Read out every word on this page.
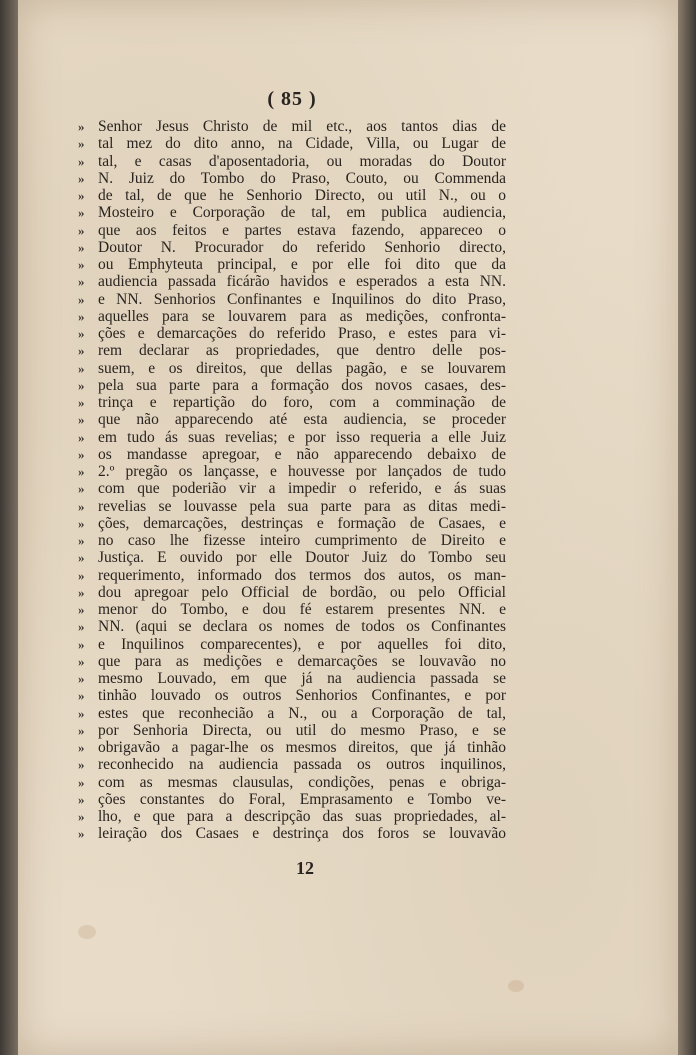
( 85 )
» Senhor Jesus Christo de mil etc., aos tantos dias de
» tal mez do dito anno, na Cidade, Villa, ou Lugar de
» tal, e casas d'aposentadoria, ou moradas do Doutor
» N. Juiz do Tombo do Praso, Couto, ou Commenda
» de tal, de que he Senhorio Directo, ou util N., ou o
» Mosteiro e Corporação de tal, em publica audiencia,
» que aos feitos e partes estava fazendo, appareceo o
» Doutor N. Procurador do referido Senhorio directo,
» ou Emphyteuta principal, e por elle foi dito que da
» audiencia passada ficárão havidos e esperados a esta NN.
» e NN. Senhorios Confinantes e Inquilinos do dito Praso,
» aquelles para se louvarem para as medições, confronta-
» ções e demarcações do referido Praso, e estes para vi-
» rem declarar as propriedades, que dentro delle pos-
» suem, e os direitos, que dellas pagão, e se louvarem
» pela sua parte para a formação dos novos casaes, des-
» trinça e repartição do foro, com a comminação de
» que não apparecendo até esta audiencia, se proceder
» em tudo ás suas revelias; e por isso requeria a elle Juiz
» os mandasse apregoar, e não apparecendo debaixo de
» 2.º pregão os lançasse, e houvesse por lançados de tudo
» com que poderião vir a impedir o referido, e ás suas
» revelias se louvasse pela sua parte para as ditas medi-
» ções, demarcações, destrinças e formação de Casaes, e
» no caso lhe fizesse inteiro cumprimento de Direito e
» Justiça. E ouvido por elle Doutor Juiz do Tombo seu
» requerimento, informado dos termos dos autos, os man-
» dou apregoar pelo Official de bordão, ou pelo Official
» menor do Tombo, e dou fé estarem presentes NN. e
» NN. (aqui se declara os nomes de todos os Confinantes
» e Inquilinos comparecentes), e por aquelles foi dito,
» que para as medições e demarcações se louvavão no
» mesmo Louvado, em que já na audiencia passada se
» tinhão louvado os outros Senhorios Confinantes, e por
» estes que reconhecião a N., ou a Corporação de tal,
» por Senhoria Directa, ou util do mesmo Praso, e se
» obrigavão a pagar-lhe os mesmos direitos, que já tinhão
» reconhecido na audiencia passada os outros inquilinos,
» com as mesmas clausulas, condições, penas e obriga-
» ções constantes do Foral, Emprasamento e Tombo ve-
» lho, e que para a descripção das suas propriedades, al-
» leiração dos Casaes e destrinça dos foros se louvavão
12
